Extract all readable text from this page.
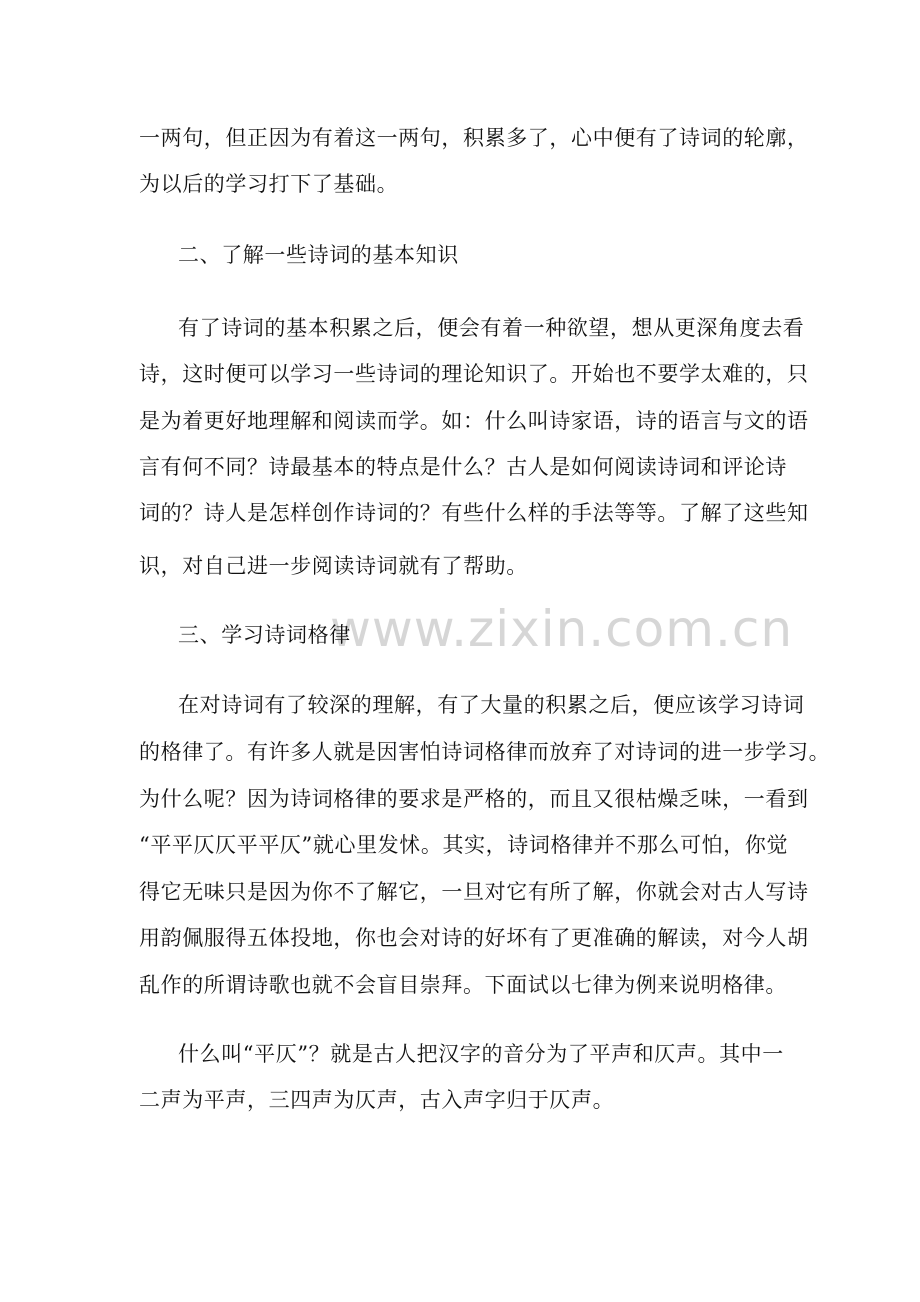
www.zixin.com.cn
一两句，但正因为有着这一两句，积累多了，心中便有了诗词的轮廓，
为以后的学习打下了基础。
二、了解一些诗词的基本知识
有了诗词的基本积累之后，便会有着一种欲望，想从更深角度去看
诗，这时便可以学习一些诗词的理论知识了。开始也不要学太难的，只
是为着更好地理解和阅读而学。如：什么叫诗家语，诗的语言与文的语
言有何不同？诗最基本的特点是什么？古人是如何阅读诗词和评论诗
词的？诗人是怎样创作诗词的？有些什么样的手法等等。了解了这些知
识，对自己进一步阅读诗词就有了帮助。
三、学习诗词格律
在对诗词有了较深的理解，有了大量的积累之后，便应该学习诗词
的格律了。有许多人就是因害怕诗词格律而放弃了对诗词的进一步学习。
为什么呢？因为诗词格律的要求是严格的，而且又很枯燥乏味，一看到
“平平仄仄平平仄”就心里发怵。其实，诗词格律并不那么可怕，你觉
得它无味只是因为你不了解它，一旦对它有所了解，你就会对古人写诗
用韵佩服得五体投地，你也会对诗的好坏有了更准确的解读，对今人胡
乱作的所谓诗歌也就不会盲目崇拜。下面试以七律为例来说明格律。
什么叫“平仄”？就是古人把汉字的音分为了平声和仄声。其中一
二声为平声，三四声为仄声，古入声字归于仄声。
